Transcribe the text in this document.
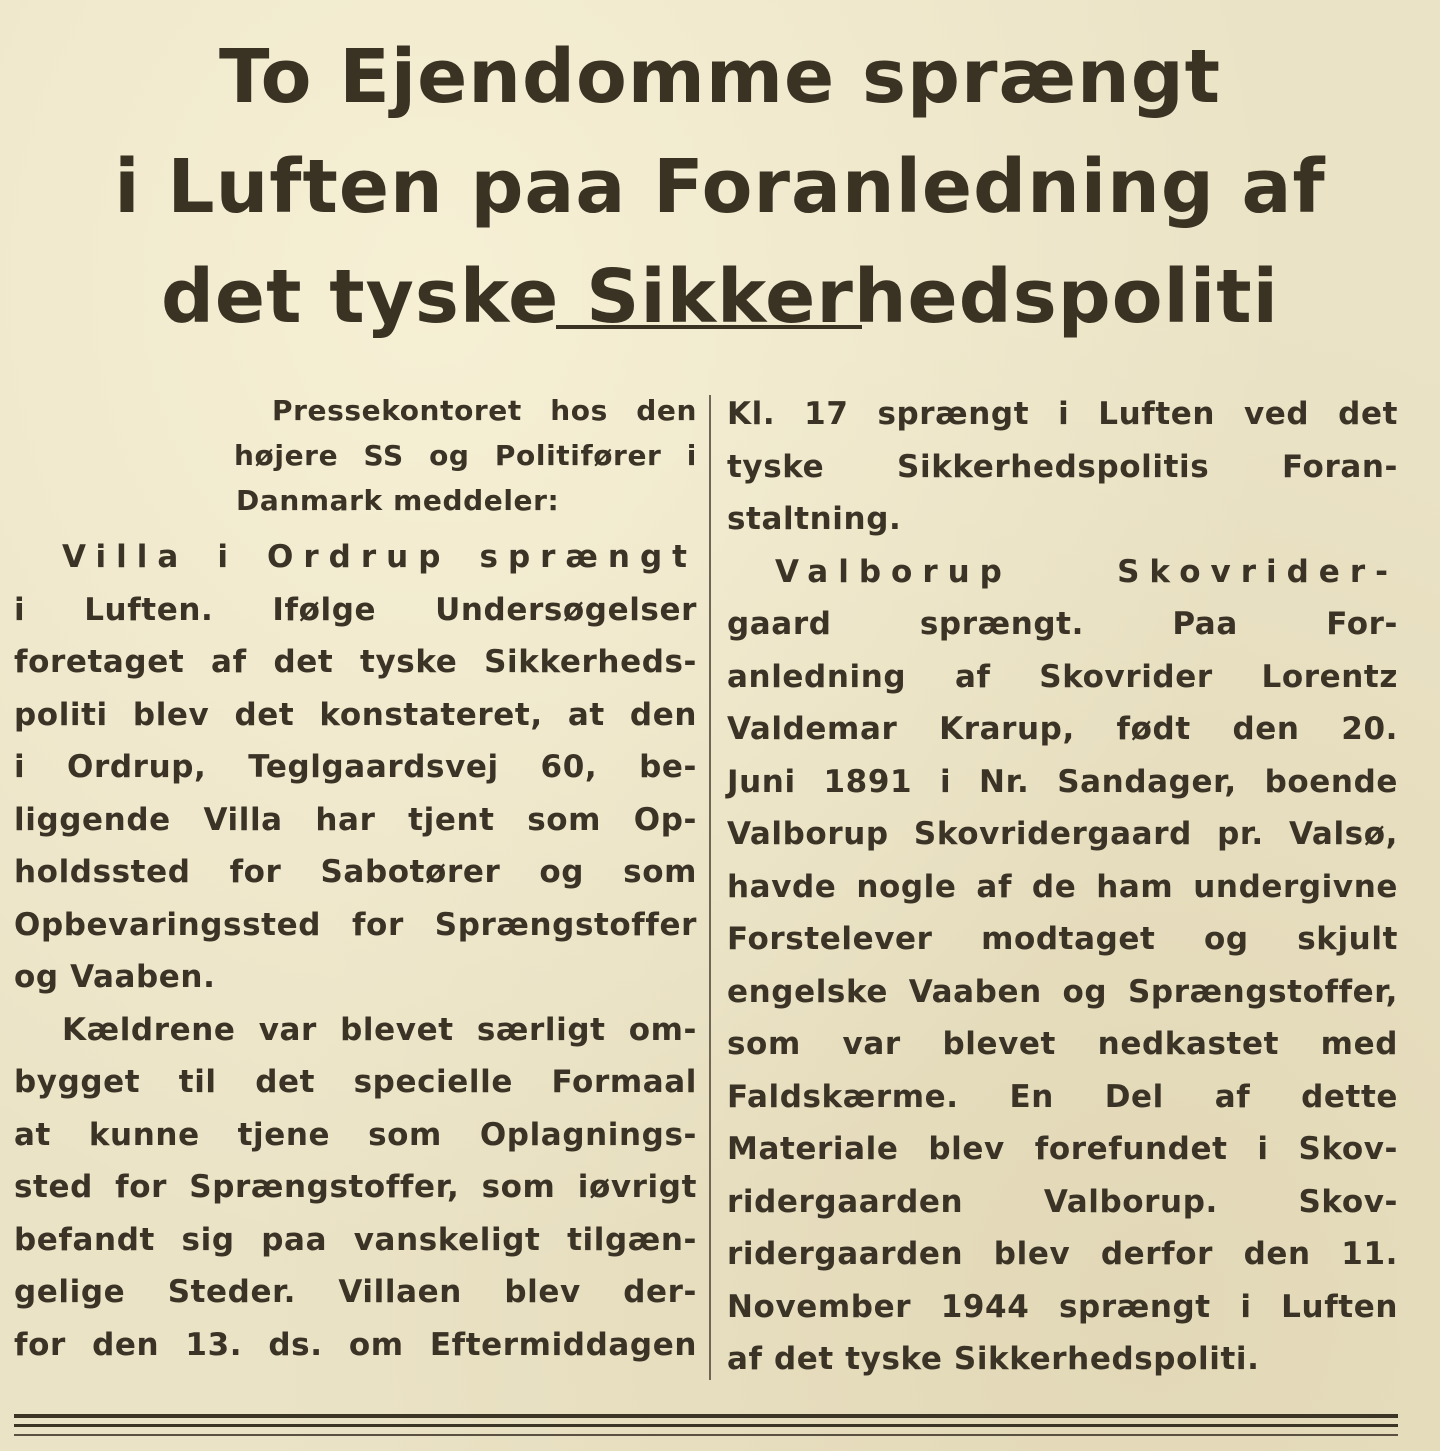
To Ejendomme sprængt
i Luften paa Foranledning af
det tyske Sikkerhedspoliti
Pressekontoret hos den
højere SS og Politifører i
Danmark meddeler:
Villa i Ordrup sprængt
i Luften. Ifølge Undersøgelser
foretaget af det tyske Sikkerheds-
politi blev det konstateret, at den
i Ordrup, Teglgaardsvej 60, be-
liggende Villa har tjent som Op-
holdssted for Sabotører og som
Opbevaringssted for Sprængstoffer
og Vaaben.
Kældrene var blevet særligt om-
bygget til det specielle Formaal
at kunne tjene som Oplagnings-
sted for Sprængstoffer, som iøvrigt
befandt sig paa vanskeligt tilgæn-
gelige Steder. Villaen blev der-
for den 13. ds. om Eftermiddagen
Kl. 17 sprængt i Luften ved det
tyske Sikkerhedspolitis Foran-
staltning.
Valborup Skovrider-
gaard sprængt. Paa For-
anledning af Skovrider Lorentz
Valdemar Krarup, født den 20.
Juni 1891 i Nr. Sandager, boende
Valborup Skovridergaard pr. Valsø,
havde nogle af de ham undergivne
Forstelever modtaget og skjult
engelske Vaaben og Sprængstoffer,
som var blevet nedkastet med
Faldskærme. En Del af dette
Materiale blev forefundet i Skov-
ridergaarden Valborup. Skov-
ridergaarden blev derfor den 11.
November 1944 sprængt i Luften
af det tyske Sikkerhedspoliti.
